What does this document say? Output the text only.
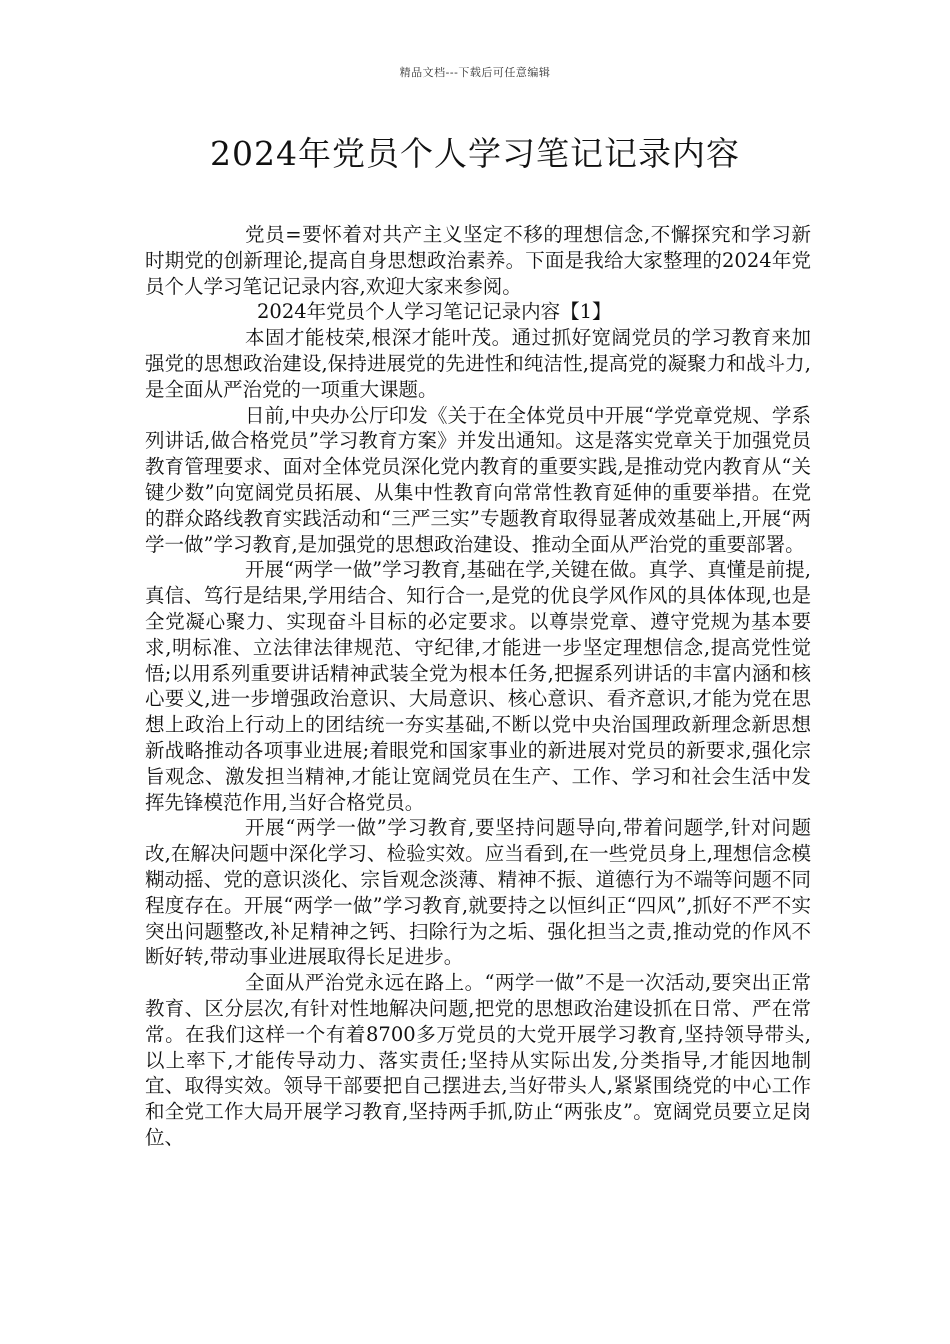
精品文档---下载后可任意编辑
2024年党员个人学习笔记记录内容

党员=要怀着对共产主义坚定不移的理想信念,不懈探究和学习新时期党的创新理论,提高自身思想政治素养。下面是我给大家整理的2024年党员个人学习笔记记录内容,欢迎大家来参阅。

2024年党员个人学习笔记记录内容【1】

本固才能枝荣,根深才能叶茂。通过抓好宽阔党员的学习教育来加强党的思想政治建设,保持进展党的先进性和纯洁性,提高党的凝聚力和战斗力,是全面从严治党的一项重大课题。

日前,中央办公厅印发《关于在全体党员中开展“学党章党规、学系列讲话,做合格党员”学习教育方案》并发出通知。这是落实党章关于加强党员教育管理要求、面对全体党员深化党内教育的重要实践,是推动党内教育从“关键少数”向宽阔党员拓展、从集中性教育向常常性教育延伸的重要举措。在党的群众路线教育实践活动和“三严三实”专题教育取得显著成效基础上,开展“两学一做”学习教育,是加强党的思想政治建设、推动全面从严治党的重要部署。

开展“两学一做”学习教育,基础在学,关键在做。真学、真懂是前提,真信、笃行是结果,学用结合、知行合一,是党的优良学风作风的具体体现,也是全党凝心聚力、实现奋斗目标的必定要求。以尊崇党章、遵守党规为基本要求,明标准、立法律法律规范、守纪律,才能进一步坚定理想信念,提高党性觉悟;以用系列重要讲话精神武装全党为根本任务,把握系列讲话的丰富内涵和核心要义,进一步增强政治意识、大局意识、核心意识、看齐意识,才能为党在思想上政治上行动上的团结统一夯实基础,不断以党中央治国理政新理念新思想新战略推动各项事业进展;着眼党和国家事业的新进展对党员的新要求,强化宗旨观念、激发担当精神,才能让宽阔党员在生产、工作、学习和社会生活中发挥先锋模范作用,当好合格党员。

开展“两学一做”学习教育,要坚持问题导向,带着问题学,针对问题改,在解决问题中深化学习、检验实效。应当看到,在一些党员身上,理想信念模糊动摇、党的意识淡化、宗旨观念淡薄、精神不振、道德行为不端等问题不同程度存在。开展“两学一做”学习教育,就要持之以恒纠正“四风”,抓好不严不实突出问题整改,补足精神之钙、扫除行为之垢、强化担当之责,推动党的作风不断好转,带动事业进展取得长足进步。

全面从严治党永远在路上。“两学一做”不是一次活动,要突出正常教育、区分层次,有针对性地解决问题,把党的思想政治建设抓在日常、严在常常。在我们这样一个有着8700多万党员的大党开展学习教育,坚持领导带头,以上率下,才能传导动力、落实责任;坚持从实际出发,分类指导,才能因地制宜、取得实效。领导干部要把自己摆进去,当好带头人,紧紧围绕党的中心工作和全党工作大局开展学习教育,坚持两手抓,防止“两张皮”。宽阔党员要立足岗位、
